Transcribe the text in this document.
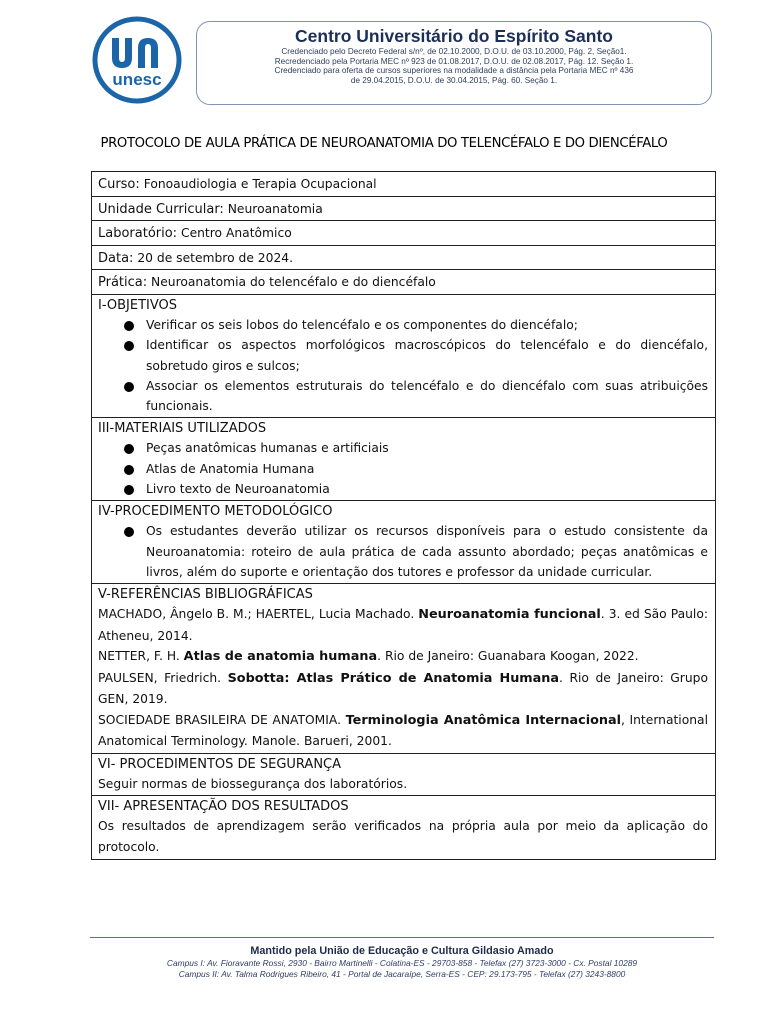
unesc
Centro Universitário do Espírito Santo
Credenciado pelo Decreto Federal s/nº, de 02.10.2000, D.O.U. de 03.10.2000, Pág. 2, Seção1.
Recredenciado pela Portaria MEC nº 923 de 01.08.2017, D.O.U. de 02.08.2017, Pág. 12. Seção 1.
Credenciado para oferta de cursos superiores na modalidade a distância pela Portaria MEC nº 436
de 29.04.2015, D.O.U. de 30.04.2015, Pág. 60. Seção 1.
PROTOCOLO DE AULA PRÁTICA DE NEUROANATOMIA DO TELENCÉFALO E DO DIENCÉFALO
Curso: Fonoaudiologia e Terapia Ocupacional
Unidade Curricular: Neuroanatomia
Laboratório: Centro Anatômico
Data: 20 de setembro de 2024.
Prática: Neuroanatomia do telencéfalo e do diencéfalo
I-OBJETIVOS
Verificar os seis lobos do telencéfalo e os componentes do diencéfalo;
Identificar os aspectos morfológicos macroscópicos do telencéfalo e do diencéfalo, sobretudo giros e sulcos;
Associar os elementos estruturais do telencéfalo e do diencéfalo com suas atribuições funcionais.
III-MATERIAIS UTILIZADOS
Peças anatômicas humanas e artificiais
Atlas de Anatomia Humana
Livro texto de Neuroanatomia
IV-PROCEDIMENTO METODOLÓGICO
Os estudantes deverão utilizar os recursos disponíveis para o estudo consistente da Neuroanatomia: roteiro de aula prática de cada assunto abordado; peças anatômicas e livros, além do suporte e orientação dos tutores e professor da unidade curricular.
V-REFERÊNCIAS BIBLIOGRÁFICAS
MACHADO, Ângelo B. M.; HAERTEL, Lucia Machado. Neuroanatomia funcional. 3. ed São Paulo: Atheneu, 2014.
NETTER, F. H. Atlas de anatomia humana. Rio de Janeiro: Guanabara Koogan, 2022.
PAULSEN, Friedrich. Sobotta: Atlas Prático de Anatomia Humana. Rio de Janeiro: Grupo GEN, 2019.
SOCIEDADE BRASILEIRA DE ANATOMIA. Terminologia Anatômica Internacional, International Anatomical Terminology. Manole. Barueri, 2001.
VI- PROCEDIMENTOS DE SEGURANÇA
Seguir normas de biossegurança dos laboratórios.
VII- APRESENTAÇÃO DOS RESULTADOS
Os resultados de aprendizagem serão verificados na própria aula por meio da aplicação do protocolo.
Mantido pela União de Educação e Cultura Gildasio Amado
Campus I: Av. Fioravante Rossi, 2930 - Bairro Martinelli - Colatina-ES - 29703-858 - Telefax (27) 3723-3000 - Cx. Postal 10289
Campus II: Av. Talma Rodrigues Ribeiro, 41 - Portal de Jacaraípe, Serra-ES - CEP: 29.173-795 - Telefax (27) 3243-8800
